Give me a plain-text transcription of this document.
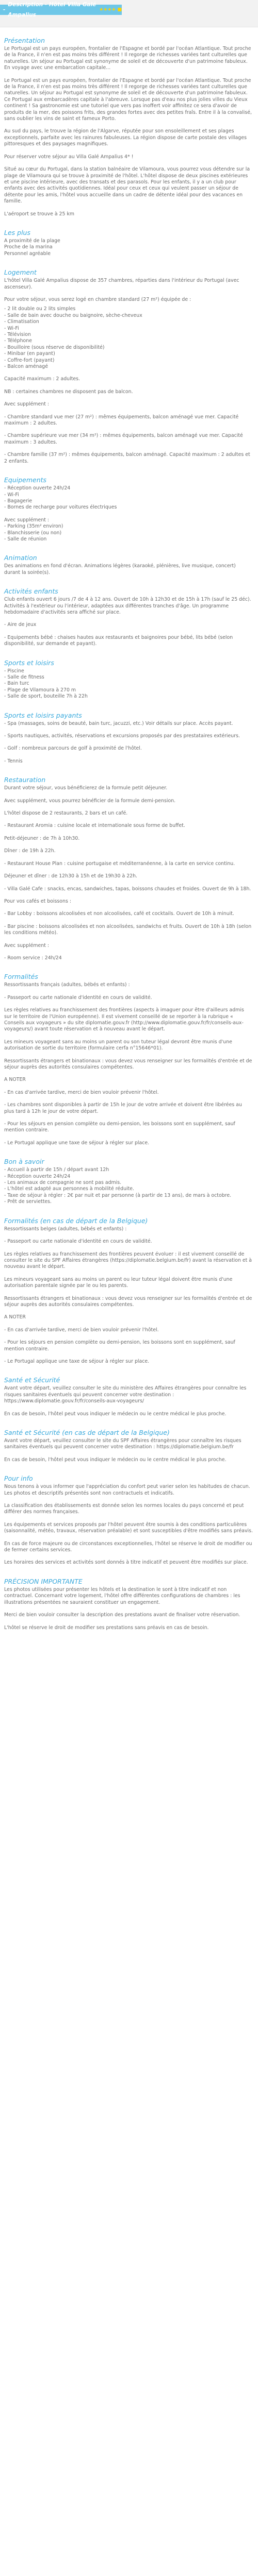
-
Description - Hôtel Villa Galé Ampalius
★★★★ ■
Présentation

Le Portugal est un pays européen, frontalier de l'Espagne et bordé par l'océan Atlantique. Tout proche de la France, il n'en est pas moins très différent ! Il regorge de richesses variées tant culturelles que naturelles. Un séjour au Portugal est synonyme de soleil et de découverte d'un patrimoine fabuleux. En voyage avec une embarcation capitale...

Le Portugal est un pays européen, frontalier de l'Espagne et bordé par l'océan Atlantique. Tout proche de la France, il n'en est pas moins très différent ! Il regorge de richesses variées tant culturelles que naturelles. Un séjour au Portugal est synonyme de soleil et de découverte d'un patrimoine fabuleux. Ce Portugal aux embarcadères capitale à l'abreuve. Lorsque pas d'eau nos plus jolies villes du Vieux continent ! Sa gastronomie est une tutoriel que vers pas inoffert voir affinitez ce sera d'avoir de produits de la mer, des poissons frits, des grandes fortes avec des petites fraîs. Entre il à la convalisé, sans oublier les vins de saint et fameux Porto.

Au sud du pays, le trouve la région de l'Algarve, réputée pour son ensoleillement et ses plages exceptionnels, parfaite avec les rainures fabuleuses. La région dispose de carte postale des villages pittoresques et des paysages magnifiques.

Pour réserver votre séjour au Villa Galé Ampalius 4* !

Situé au cœur du Portugal, dans la station balnéaire de Vilamoura, vous pourrez vous détendre sur la plage de Vilamoura qui se trouve à proximité de l'hôtel. L'hôtel dispose de deux piscines extérieures et une piscine intérieure, avec des transats et des parasols. Pour les enfants, il y a un club pour enfants avec des activités quotidiennes. Idéal pour ceux et ceux qui veulent passer un séjour de détente pour les amis, l'hôtel vous accueille dans un cadre de détente idéal pour des vacances en famille.

L'aéroport se trouve à 25 km

Les plus
A proximité de la plage
Proche de la marina
Personnel agréable
Logement

L'hôtel Villa Galé Ampalius dispose de 357 chambres, réparties dans l'intérieur du Portugal (avec ascenseur).

Pour votre séjour, vous serez logé en chambre standard (27 m²) équipée de :

- 2 lit double ou 2 lits simples
- Salle de bain avec douche ou baignoire, sèche-cheveux
- Climatisation
- Wi-Fi
- Télévision
- Téléphone
- Bouilloire (sous réserve de disponibilité)
- Minibar (en payant)
- Coffre-fort (payant)
- Balcon aménagé

Capacité maximum : 2 adultes.

NB : certaines chambres ne disposent pas de balcon.

Avec supplément :

- Chambre standard vue mer (27 m²) : mêmes équipements, balcon aménagé vue mer. Capacité maximum : 2 adultes.

- Chambre supérieure vue mer (34 m²) : mêmes équipements, balcon aménagé vue mer. Capacité maximum : 3 adultes.

- Chambre famille (37 m²) : mêmes équipements, balcon aménagé. Capacité maximum : 2 adultes et 2 enfants.

Equipements
- Réception ouverte 24h/24
- Wi-Fi
- Bagagerie
- Bornes de recharge pour voitures électriques

Avec supplément :

- Parking (35m² environ)
- Blanchisserie (ou non)
- Salle de réunion
Animation

Des animations en fond d'écran. Animations légères (karaoké, plénières, live musique, concert) durant la soirée(s).

Activités enfants

Club enfants ouvert 6 jours /7 de 4 à 12 ans. Ouvert de 10h à 12h30 et de 15h à 17h (sauf le 25 déc). Activités à l'extérieur ou l'intérieur, adaptées aux différentes tranches d'âge. Un programme hebdomadaire d'activités sera affiché sur place.

- Aire de jeux

- Equipements bébé : chaises hautes aux restaurants et baignoires pour bébé, lits bébé (selon disponibilité, sur demande et payant).

Sports et loisirs
- Piscine
- Salle de fitness
- Bain turc
- Plage de Vilamoura à 270 m
- Salle de sport, bouteille 7h à 22h
Sports et loisirs payants

- Spa (massages, soins de beauté, bain turc, jacuzzi, etc.) Voir détails sur place. Accès payant.

- Sports nautiques, activités, réservations et excursions proposés par des prestataires extérieurs.

- Golf : nombreux parcours de golf à proximité de l'hôtel.

- Tennis

Restauration

Durant votre séjour, vous bénéficierez de la formule petit déjeuner.

Avec supplément, vous pourrez bénéficier de la formule demi-pension.

L'hôtel dispose de 2 restaurants, 2 bars et un café.

- Restaurant Aromia : cuisine locale et internationale sous forme de buffet.

Petit-déjeuner : de 7h à 10h30.

Dîner : de 19h à 22h.

- Restaurant House Plan : cuisine portugaise et méditerranéenne, à la carte en service continu.

Déjeuner et dîner : de 12h30 à 15h et de 19h30 à 22h.

- Villa Galé Cafe : snacks, encas, sandwiches, tapas, boissons chaudes et froides. Ouvert de 9h à 18h.

Pour vos cafés et boissons :

- Bar Lobby : boissons alcoolisées et non alcoolisées, café et cocktails. Ouvert de 10h à minuit.

- Bar piscine : boissons alcoolisées et non alcoolisées, sandwichs et fruits. Ouvert de 10h à 18h (selon les conditions météo).

Avec supplément :

- Room service : 24h/24

Formalités

Ressortissants français (adultes, bébés et enfants) :

- Passeport ou carte nationale d'identité en cours de validité.

Les règles relatives au franchissement des frontières (aspects à imaguer pour être d'ailleurs admis sur le territoire de l'Union européenne). Il est vivement conseillé de se reporter à la rubrique « Conseils aux voyageurs » du site diplomatie.gouv.fr (http://www.diplomatie.gouv.fr/fr/conseils-aux-voyageurs/) avant toute réservation et à nouveau avant le départ.

Les mineurs voyageant sans au moins un parent ou son tuteur légal devront être munis d'une autorisation de sortie du territoire (formulaire cerfa n°15646*01).

Ressortissants étrangers et binationaux : vous devez vous renseigner sur les formalités d'entrée et de séjour auprès des autorités consulaires compétentes.

A NOTER

- En cas d'arrivée tardive, merci de bien vouloir prévenir l'hôtel.

- Les chambres sont disponibles à partir de 15h le jour de votre arrivée et doivent être libérées au plus tard à 12h le jour de votre départ.

- Pour les séjours en pension complète ou demi-pension, les boissons sont en supplément, sauf mention contraire.

- Le Portugal applique une taxe de séjour à régler sur place.

Bon à savoir
- Accueil à partir de 15h / départ avant 12h
- Réception ouverte 24h/24
- Les animaux de compagnie ne sont pas admis.
- L'hôtel est adapté aux personnes à mobilité réduite.
- Taxe de séjour à régler : 2€ par nuit et par personne (à partir de 13 ans), de mars à octobre.
- Prêt de serviettes.
Formalités (en cas de départ de la Belgique)

Ressortissants belges (adultes, bébés et enfants) :

- Passeport ou carte nationale d'identité en cours de validité.

Les règles relatives au franchissement des frontières peuvent évoluer : il est vivement conseillé de consulter le site du SPF Affaires étrangères (https://diplomatie.belgium.be/fr) avant la réservation et à nouveau avant le départ.

Les mineurs voyageant sans au moins un parent ou leur tuteur légal doivent être munis d'une autorisation parentale signée par le ou les parents.

Ressortissants étrangers et binationaux : vous devez vous renseigner sur les formalités d'entrée et de séjour auprès des autorités consulaires compétentes.

A NOTER

- En cas d'arrivée tardive, merci de bien vouloir prévenir l'hôtel.

- Pour les séjours en pension complète ou demi-pension, les boissons sont en supplément, sauf mention contraire.

- Le Portugal applique une taxe de séjour à régler sur place.

Santé et Sécurité

Avant votre départ, veuillez consulter le site du ministère des Affaires étrangères pour connaître les risques sanitaires éventuels qui peuvent concerner votre destination : https://www.diplomatie.gouv.fr/fr/conseils-aux-voyageurs/

En cas de besoin, l'hôtel peut vous indiquer le médecin ou le centre médical le plus proche.

Santé et Sécurité (en cas de départ de la Belgique)

Avant votre départ, veuillez consulter le site du SPF Affaires étrangères pour connaître les risques sanitaires éventuels qui peuvent concerner votre destination : https://diplomatie.belgium.be/fr

En cas de besoin, l'hôtel peut vous indiquer le médecin ou le centre médical le plus proche.

Pour info

Nous tenons à vous informer que l'appréciation du confort peut varier selon les habitudes de chacun. Les photos et descriptifs présentés sont non contractuels et indicatifs.

La classification des établissements est donnée selon les normes locales du pays concerné et peut différer des normes françaises.

Les équipements et services proposés par l'hôtel peuvent être soumis à des conditions particulières (saisonnalité, météo, travaux, réservation préalable) et sont susceptibles d'être modifiés sans préavis.

En cas de force majeure ou de circonstances exceptionnelles, l'hôtel se réserve le droit de modifier ou de fermer certains services.

Les horaires des services et activités sont donnés à titre indicatif et peuvent être modifiés sur place.

PRÉCISION IMPORTANTE

Les photos utilisées pour présenter les hôtels et la destination le sont à titre indicatif et non contractuel. Concernant votre logement, l'hôtel offre différentes configurations de chambres : les illustrations présentées ne sauraient constituer un engagement.

Merci de bien vouloir consulter la description des prestations avant de finaliser votre réservation.

L'hôtel se réserve le droit de modifier ses prestations sans préavis en cas de besoin.
